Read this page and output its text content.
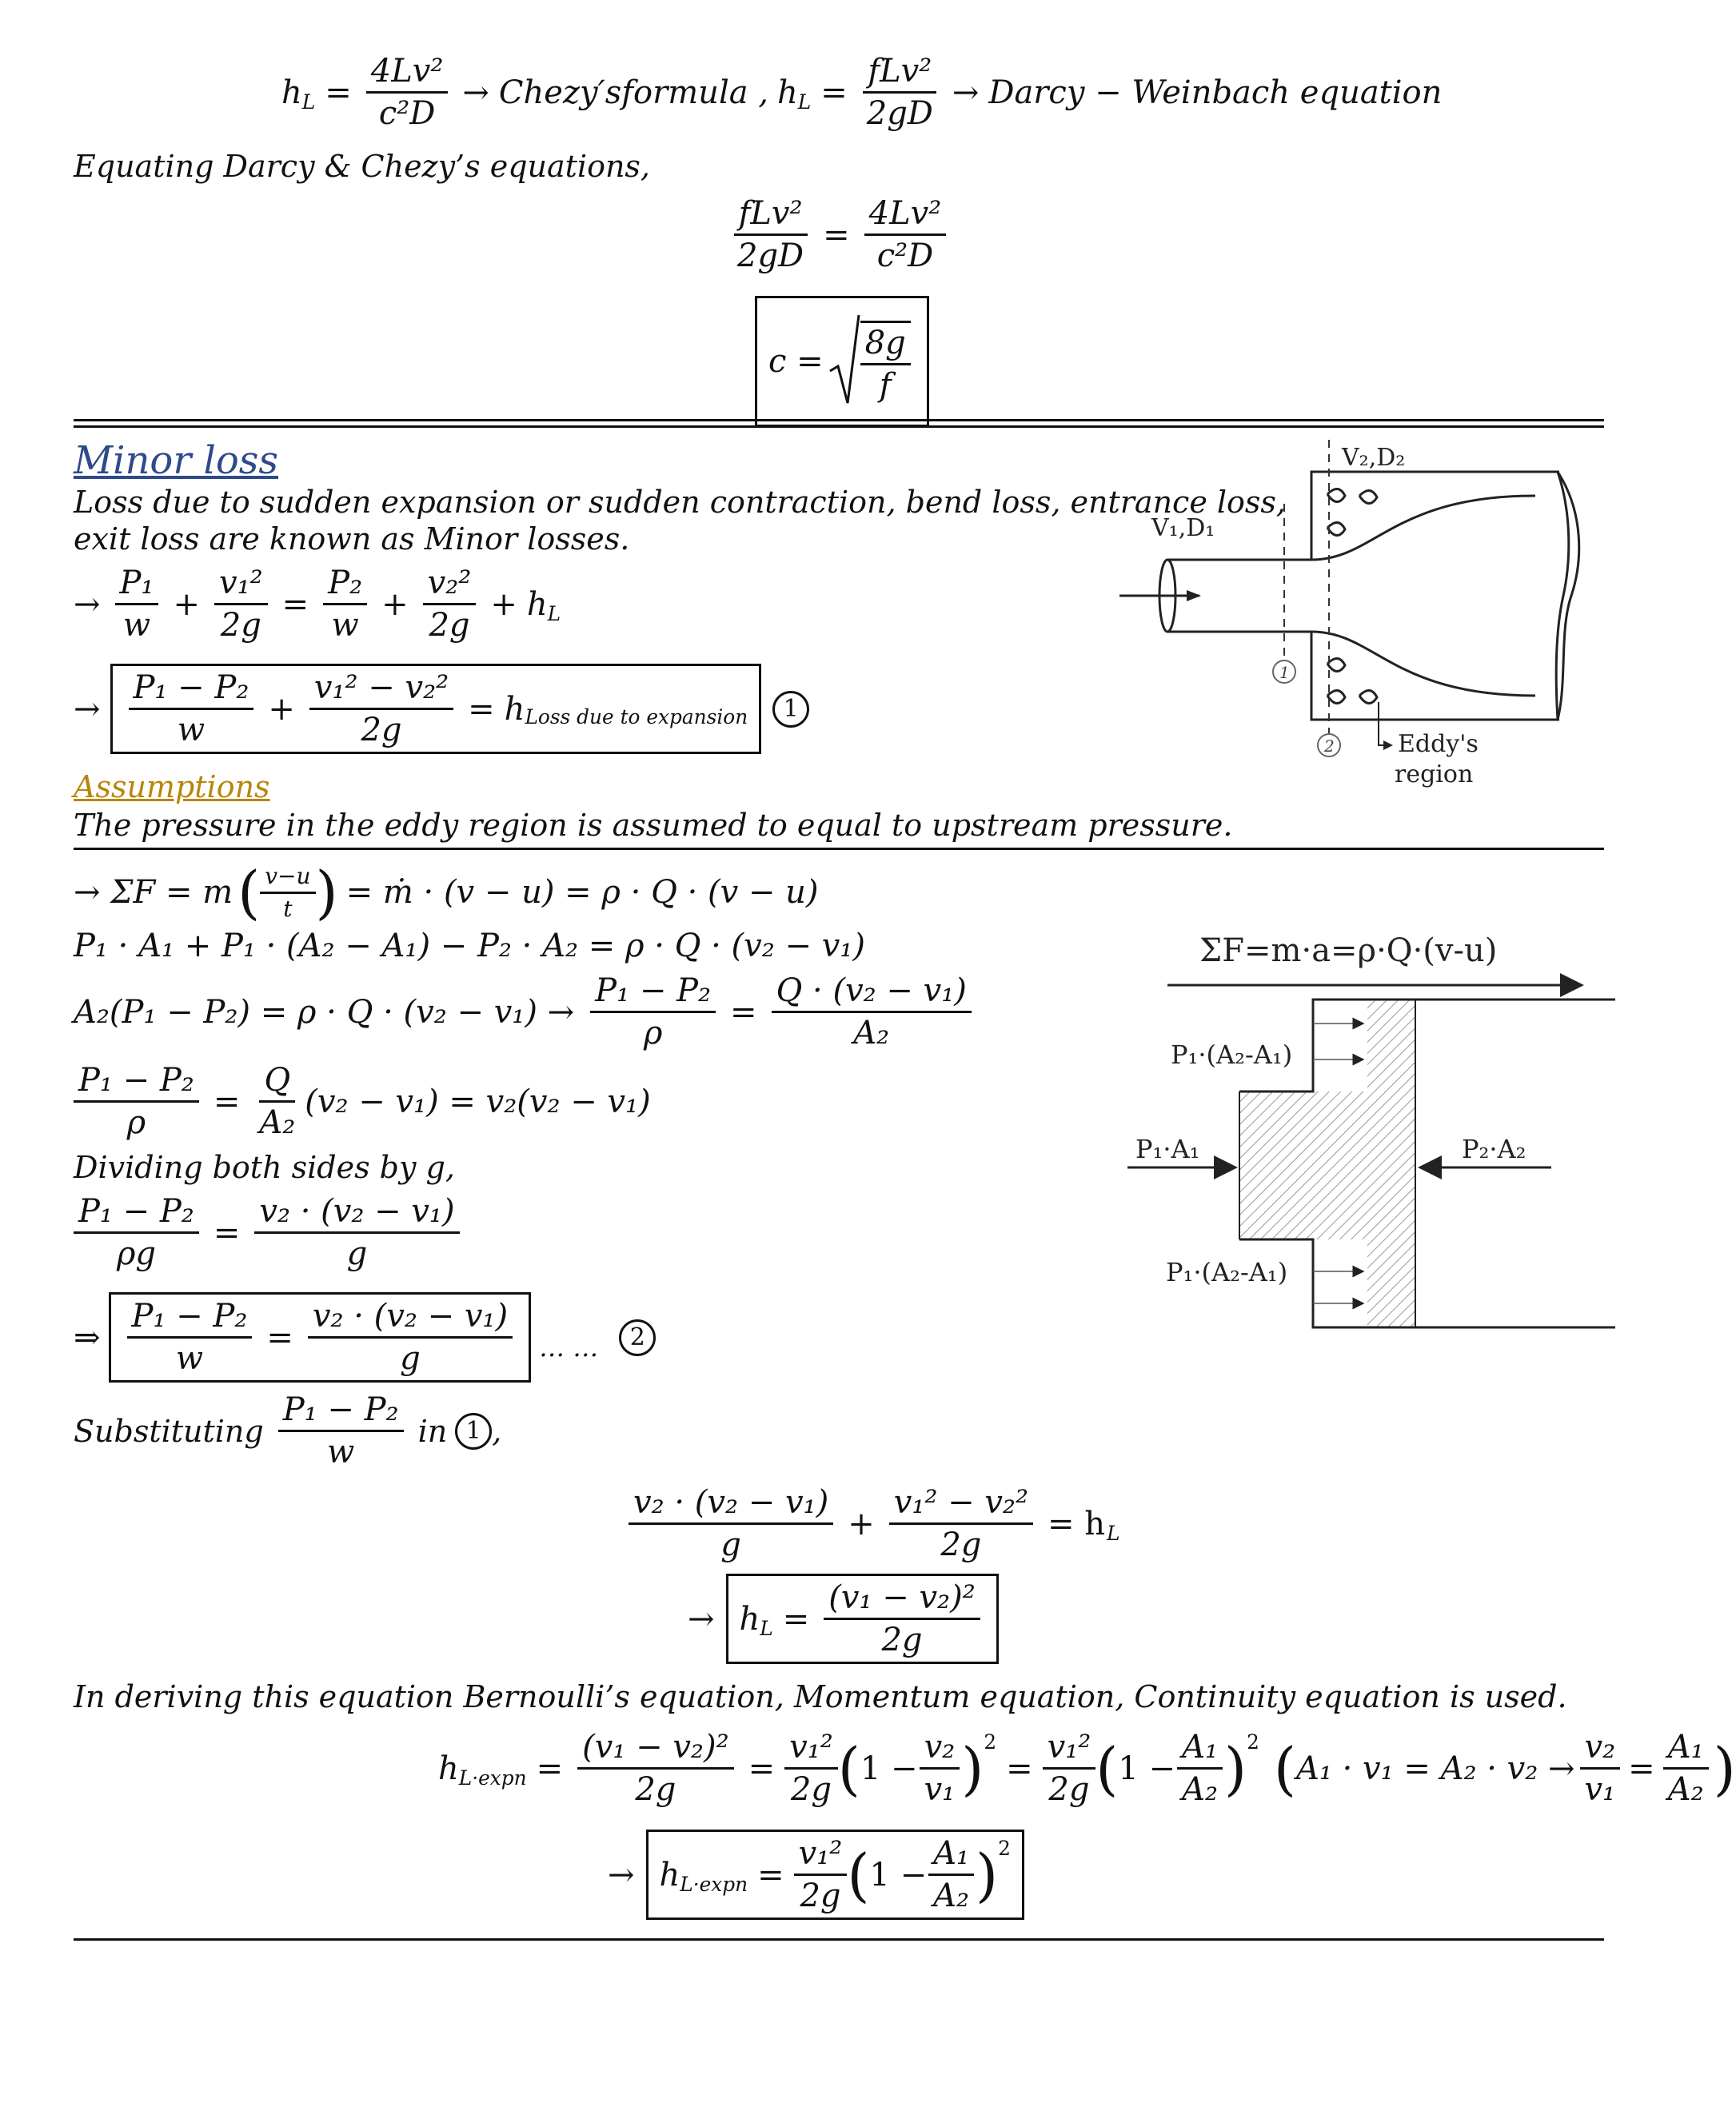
$h_L = \frac{\text{4Lv²}}{\text{c²D}}$ → Chezy′sformula , $h_L = \frac{\text{fLv²}}{2gD}$ → Darcy − Weinbach equation
Equating Darcy & Chezy’s equations,
$\frac{\text{fLv²}}{2gD} = \frac{\text{4Lv²}}{\text{c²D}}$
$c = \frac{8g}{f}$
Minor loss
Loss due to sudden expansion or sudden contraction, bend loss, entrance loss,
exit loss are known as Minor losses.
→ $\frac{\text{P₁}}{w} + \frac{\text{v₁²}}{2g} = \frac{\text{P₂}}{w} + \frac{\text{v₂²}}{2g} + h_L$
→ $\frac{\text{P₁ − P₂}}{w} + \frac{\text{v₁² − v₂²}}{2g} = h_{Loss due to expansion}$	1
Assumptions
The pressure in the eddy region is assumed to equal to upstream pressure.
→ ΣF = m ( $\frac{v-u}{t}$ ) = ṁ · (v − u) = ρ · Q · (v − u)
P₁ · A₁ + P₁ · (A₂ − A₁) − P₂ · A₂ = ρ · Q · (v₂ − v₁)
$A_2(P_1 - P_2) = \rho \cdot Q \cdot (v_2 - v_1) \to \frac{\text{P₁ − P₂}}{\rho} = \frac{\text{Q · (v₂ − v₁)}}{\text{A₂}}$
$\frac{\text{P₁ − P₂}}{\rho} = \frac{Q}{\text{A₂}} (v_2 - v_1) = v_2(v_2 - v_1)$
Dividing both sides by g,
$\frac{\text{P₁ − P₂}}{\rho g} = \frac{\text{v₂ · (v₂ − v₁)}}{g}$
⇒ $\frac{\text{P₁ − P₂}}{w} = \frac{\text{v₂ · (v₂ − v₁)}}{g}$ … …	2
Substituting $\frac{\text{P₁ − P₂}}{w}$ in 1 ,
$\frac{\text{v₂ · (v₂ − v₁)}}{g} + \frac{\text{v₁² − v₂²}}{2g} = h_L$
→ $h_L = \frac{\text{(v₁ − v₂)²}}{2g}$
In deriving this equation Bernoulli’s equation, Momentum equation, Continuity equation is used.
$h_{L\cdot expn} = \frac{\text{(v₁ − v₂)²}}{2g} = \frac{\text{v₁²}}{2g}$ ( $1 - \frac{\text{v₂}}{\text{v₁}} )^2$
= $\frac{\text{v₁²}}{2g}$ ( $1 - \frac{\text{A₁}}{\text{A₂}} )^2$ ( $A_1 \cdot v_1 = A_2 \cdot v_2 \to \frac{\text{v₂}}{\text{v₁}} = \frac{\text{A₁}}{\text{A₂}}$ )
→ $h_{L\cdot expn} = \frac{\text{v₁²}}{2g}$ ( $1 - \frac{\text{A₁}}{\text{A₂}} )^2$
V₂,D₂
V₁,D₁
1
2	Eddy's
region
ΣF=m·a=ρ·Q·(v-u)
P₁·(A₂-A₁)
P₁·A₁	P₂·A₂
P₁·(A₂-A₁)
